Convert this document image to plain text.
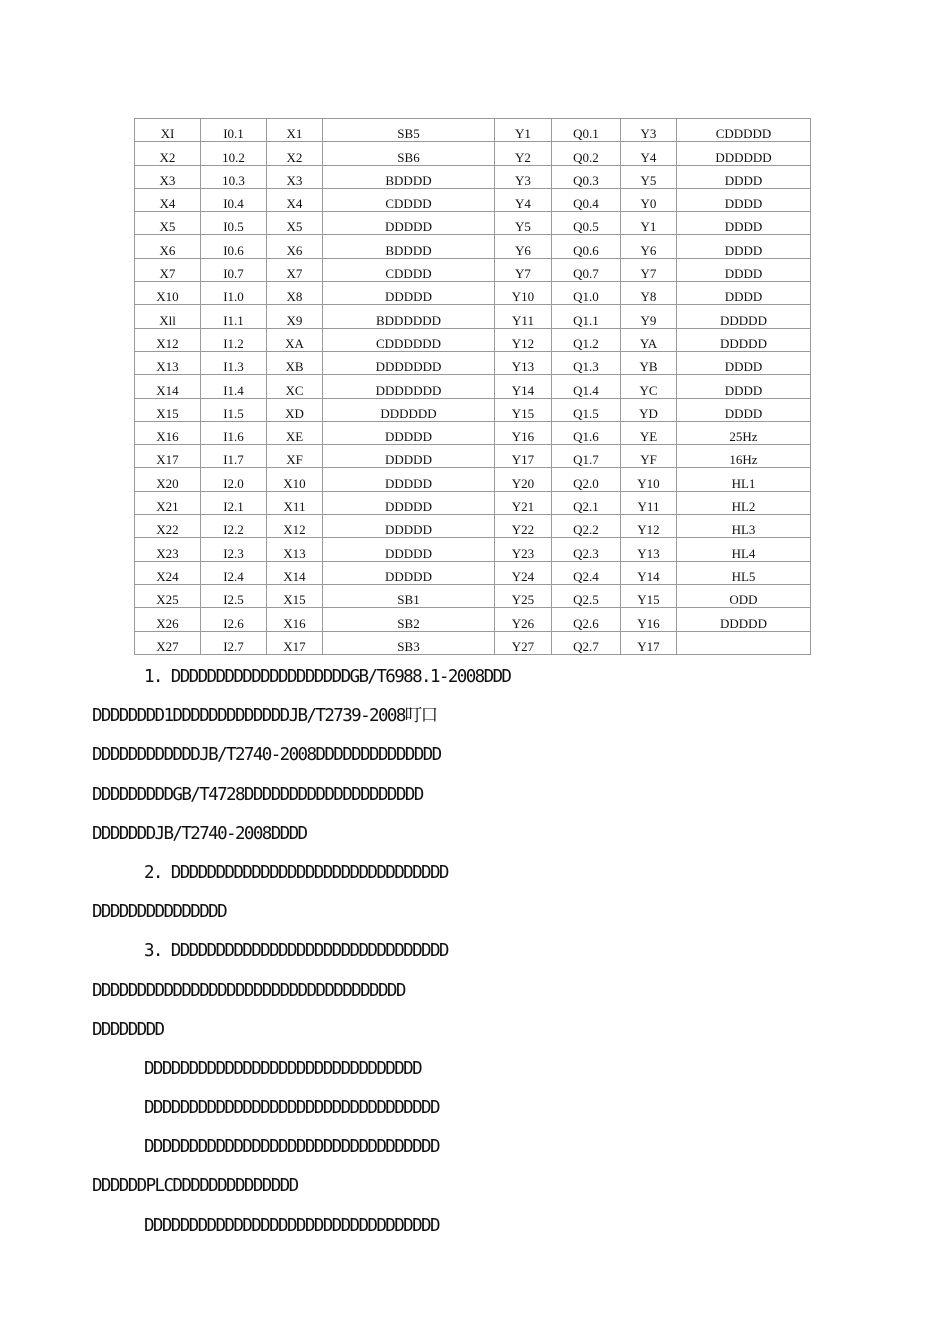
XI	I0.1	X1	SB5	Y1	Q0.1	Y3	CDDDDD
X2	10.2	X2	SB6	Y2	Q0.2	Y4	DDDDDD
X3	10.3	X3	BDDDD	Y3	Q0.3	Y5	DDDD
X4	I0.4	X4	CDDDD	Y4	Q0.4	Y0	DDDD
X5	I0.5	X5	DDDDD	Y5	Q0.5	Y1	DDDD
X6	I0.6	X6	BDDDD	Y6	Q0.6	Y6	DDDD
X7	I0.7	X7	CDDDD	Y7	Q0.7	Y7	DDDD
X10	I1.0	X8	DDDDD	Y10	Q1.0	Y8	DDDD
Xll	I1.1	X9	BDDDDDD	Y11	Q1.1	Y9	DDDDD
X12	I1.2	XA	CDDDDDD	Y12	Q1.2	YA	DDDDD
X13	I1.3	XB	DDDDDDD	Y13	Q1.3	YB	DDDD
X14	I1.4	XC	DDDDDDD	Y14	Q1.4	YC	DDDD
X15	I1.5	XD	DDDDDD	Y15	Q1.5	YD	DDDD
X16	I1.6	XE	DDDDD	Y16	Q1.6	YE	25Hz
X17	I1.7	XF	DDDDD	Y17	Q1.7	YF	16Hz
X20	I2.0	X10	DDDDD	Y20	Q2.0	Y10	HL1
X21	I2.1	X11	DDDDD	Y21	Q2.1	Y11	HL2
X22	I2.2	X12	DDDDD	Y22	Q2.2	Y12	HL3
X23	I2.3	X13	DDDDD	Y23	Q2.3	Y13	HL4
X24	I2.4	X14	DDDDD	Y24	Q2.4	Y14	HL5
X25	I2.5	X15	SB1	Y25	Q2.5	Y15	ODD
X26	I2.6	X16	SB2	Y26	Q2.6	Y16	DDDDD
X27	I2.7	X17	SB3	Y27	Q2.7	Y17	

1. DDDDDDDDDDDDDDDDDDDDGB/T6988.1-2008DDD

DDDDDDDD1DDDDDDDDDDDDDJB/T2739-2008叮口

DDDDDDDDDDDDJB/T2740-2008DDDDDDDDDDDDDD

DDDDDDDDDGB/T4728DDDDDDDDDDDDDDDDDDDD

DDDDDDDJB/T2740-2008DDDD

2. DDDDDDDDDDDDDDDDDDDDDDDDDDDDDDD

DDDDDDDDDDDDDDD

3. DDDDDDDDDDDDDDDDDDDDDDDDDDDDDDD

DDDDDDDDDDDDDDDDDDDDDDDDDDDDDDDDDDD

DDDDDDDD

DDDDDDDDDDDDDDDDDDDDDDDDDDDDDDD

DDDDDDDDDDDDDDDDDDDDDDDDDDDDDDDDD

DDDDDDDDDDDDDDDDDDDDDDDDDDDDDDDDD

DDDDDDPLCDDDDDDDDDDDDDD

DDDDDDDDDDDDDDDDDDDDDDDDDDDDDDDDD
